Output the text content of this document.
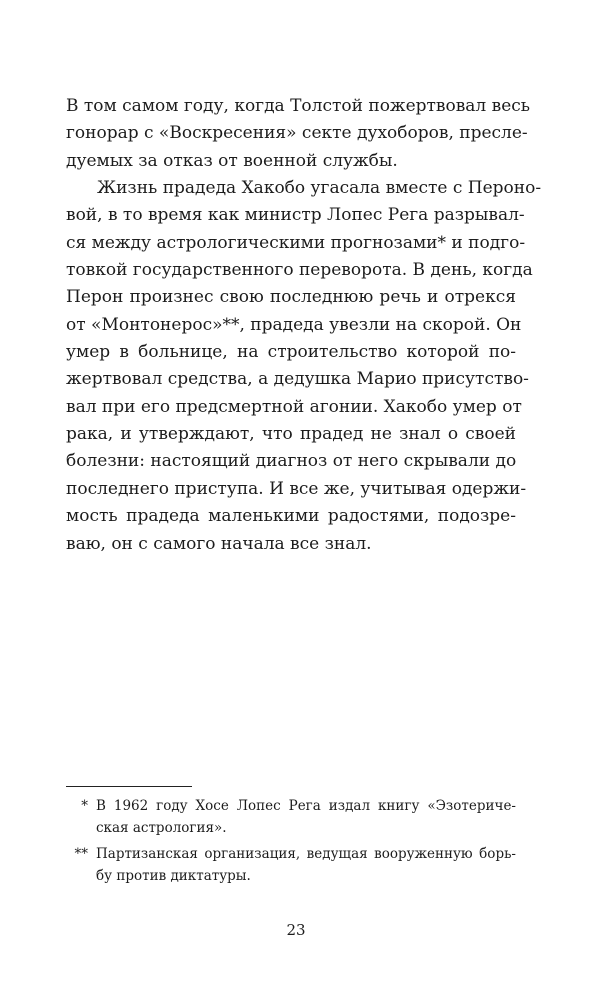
В том самом году, когда Толстой пожертвовал весь
гонорар с «Воскресения» секте духоборов, пресле-
дуемых за отказ от военной службы.
Жизнь прадеда Хакобо угасала вместе с Пероно-
вой, в то время как министр Лопес Рега разрывал-
ся между астрологическими прогнозами* и подго-
товкой государственного переворота. В день, когда
Перон произнес свою последнюю речь и отрекся
от «Монтонерос»**, прадеда увезли на скорой. Он
умер в больнице, на строительство которой по-
жертвовал средства, а дедушка Марио присутство-
вал при его предсмертной агонии. Хакобо умер от
рака, и утверждают, что прадед не знал о своей
болезни: настоящий диагноз от него скрывали до
последнего приступа. И все же, учитывая одержи-
мость прадеда маленькими радостями, подозре-
ваю, он с самого начала все знал.
* В 1962 году Хосе Лопес Рега издал книгу «Эзотериче-
ская астрология».
** Партизанская организация, ведущая вооруженную борь-
бу против диктатуры.
23
